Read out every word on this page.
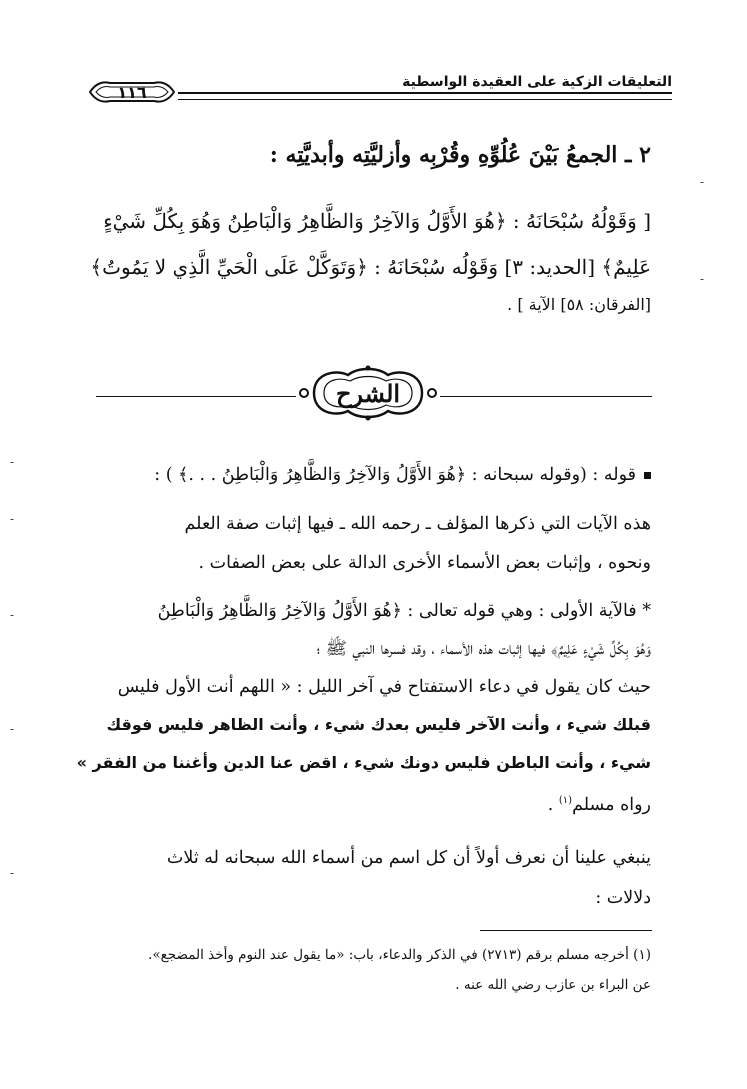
التعليقات الزكية على العقيدة الواسطية
١١٦
٢ ـ الجمعُ بَيْنَ عُلُوِّهِ وقُرْبِه وأزليَّتِه وأبديَّتِه :
[ وَقَوْلُهُ سُبْحَانَهُ : ﴿هُوَ الأَوَّلُ وَالآخِرُ وَالظَّاهِرُ وَالْبَاطِنُ وَهُوَ بِكُلِّ شَيْءٍ
عَلِيمٌ﴾ [الحديد: ٣] وَقَوْلُه سُبْحَانَهُ : ﴿وَتَوَكَّلْ عَلَى الْحَيِّ الَّذِي لا يَمُوتُ﴾
[الفرقان: ٥٨] الآية ] .
الشرح
قوله : (وقوله سبحانه : ﴿هُوَ الأَوَّلُ وَالآخِرُ وَالظَّاهِرُ وَالْبَاطِنُ . . .﴾ ) :
هذه الآيات التي ذكرها المؤلف ـ رحمه الله ـ فيها إثبات صفة العلم
ونحوه ، وإثبات بعض الأسماء الأخرى الدالة على بعض الصفات .
* فالآية الأولى : وهي قوله تعالى : ﴿هُوَ الأَوَّلُ وَالآخِرُ وَالظَّاهِرُ وَالْبَاطِنُ
وَهُوَ بِكُلِّ شَيْءٍ عَلِيمٌ﴾ فيها إثبات هذه الأسماء ، وقد فسرها النبي ﷺ ؛
حيث كان يقول في دعاء الاستفتاح في آخر الليل : « اللهم أنت الأول فليس
قبلك شيء ، وأنت الآخر فليس بعدك شيء ، وأنت الظاهر فليس فوقك
شيء ، وأنت الباطن فليس دونك شيء ، اقض عنا الدين وأغننا من الفقر »
رواه مسلم$^{(١)}$ .
ينبغي علينا أن نعرف أولاً أن كل اسم من أسماء الله سبحانه له ثلاث
دلالات :
(١) أخرجه مسلم برقم (٢٧١٣) في الذكر والدعاء، باب: «ما يقول عند النوم وأخذ المضجع».
عن البراء بن عازب رضي الله عنه .
-
-
-
-
-
-
-
